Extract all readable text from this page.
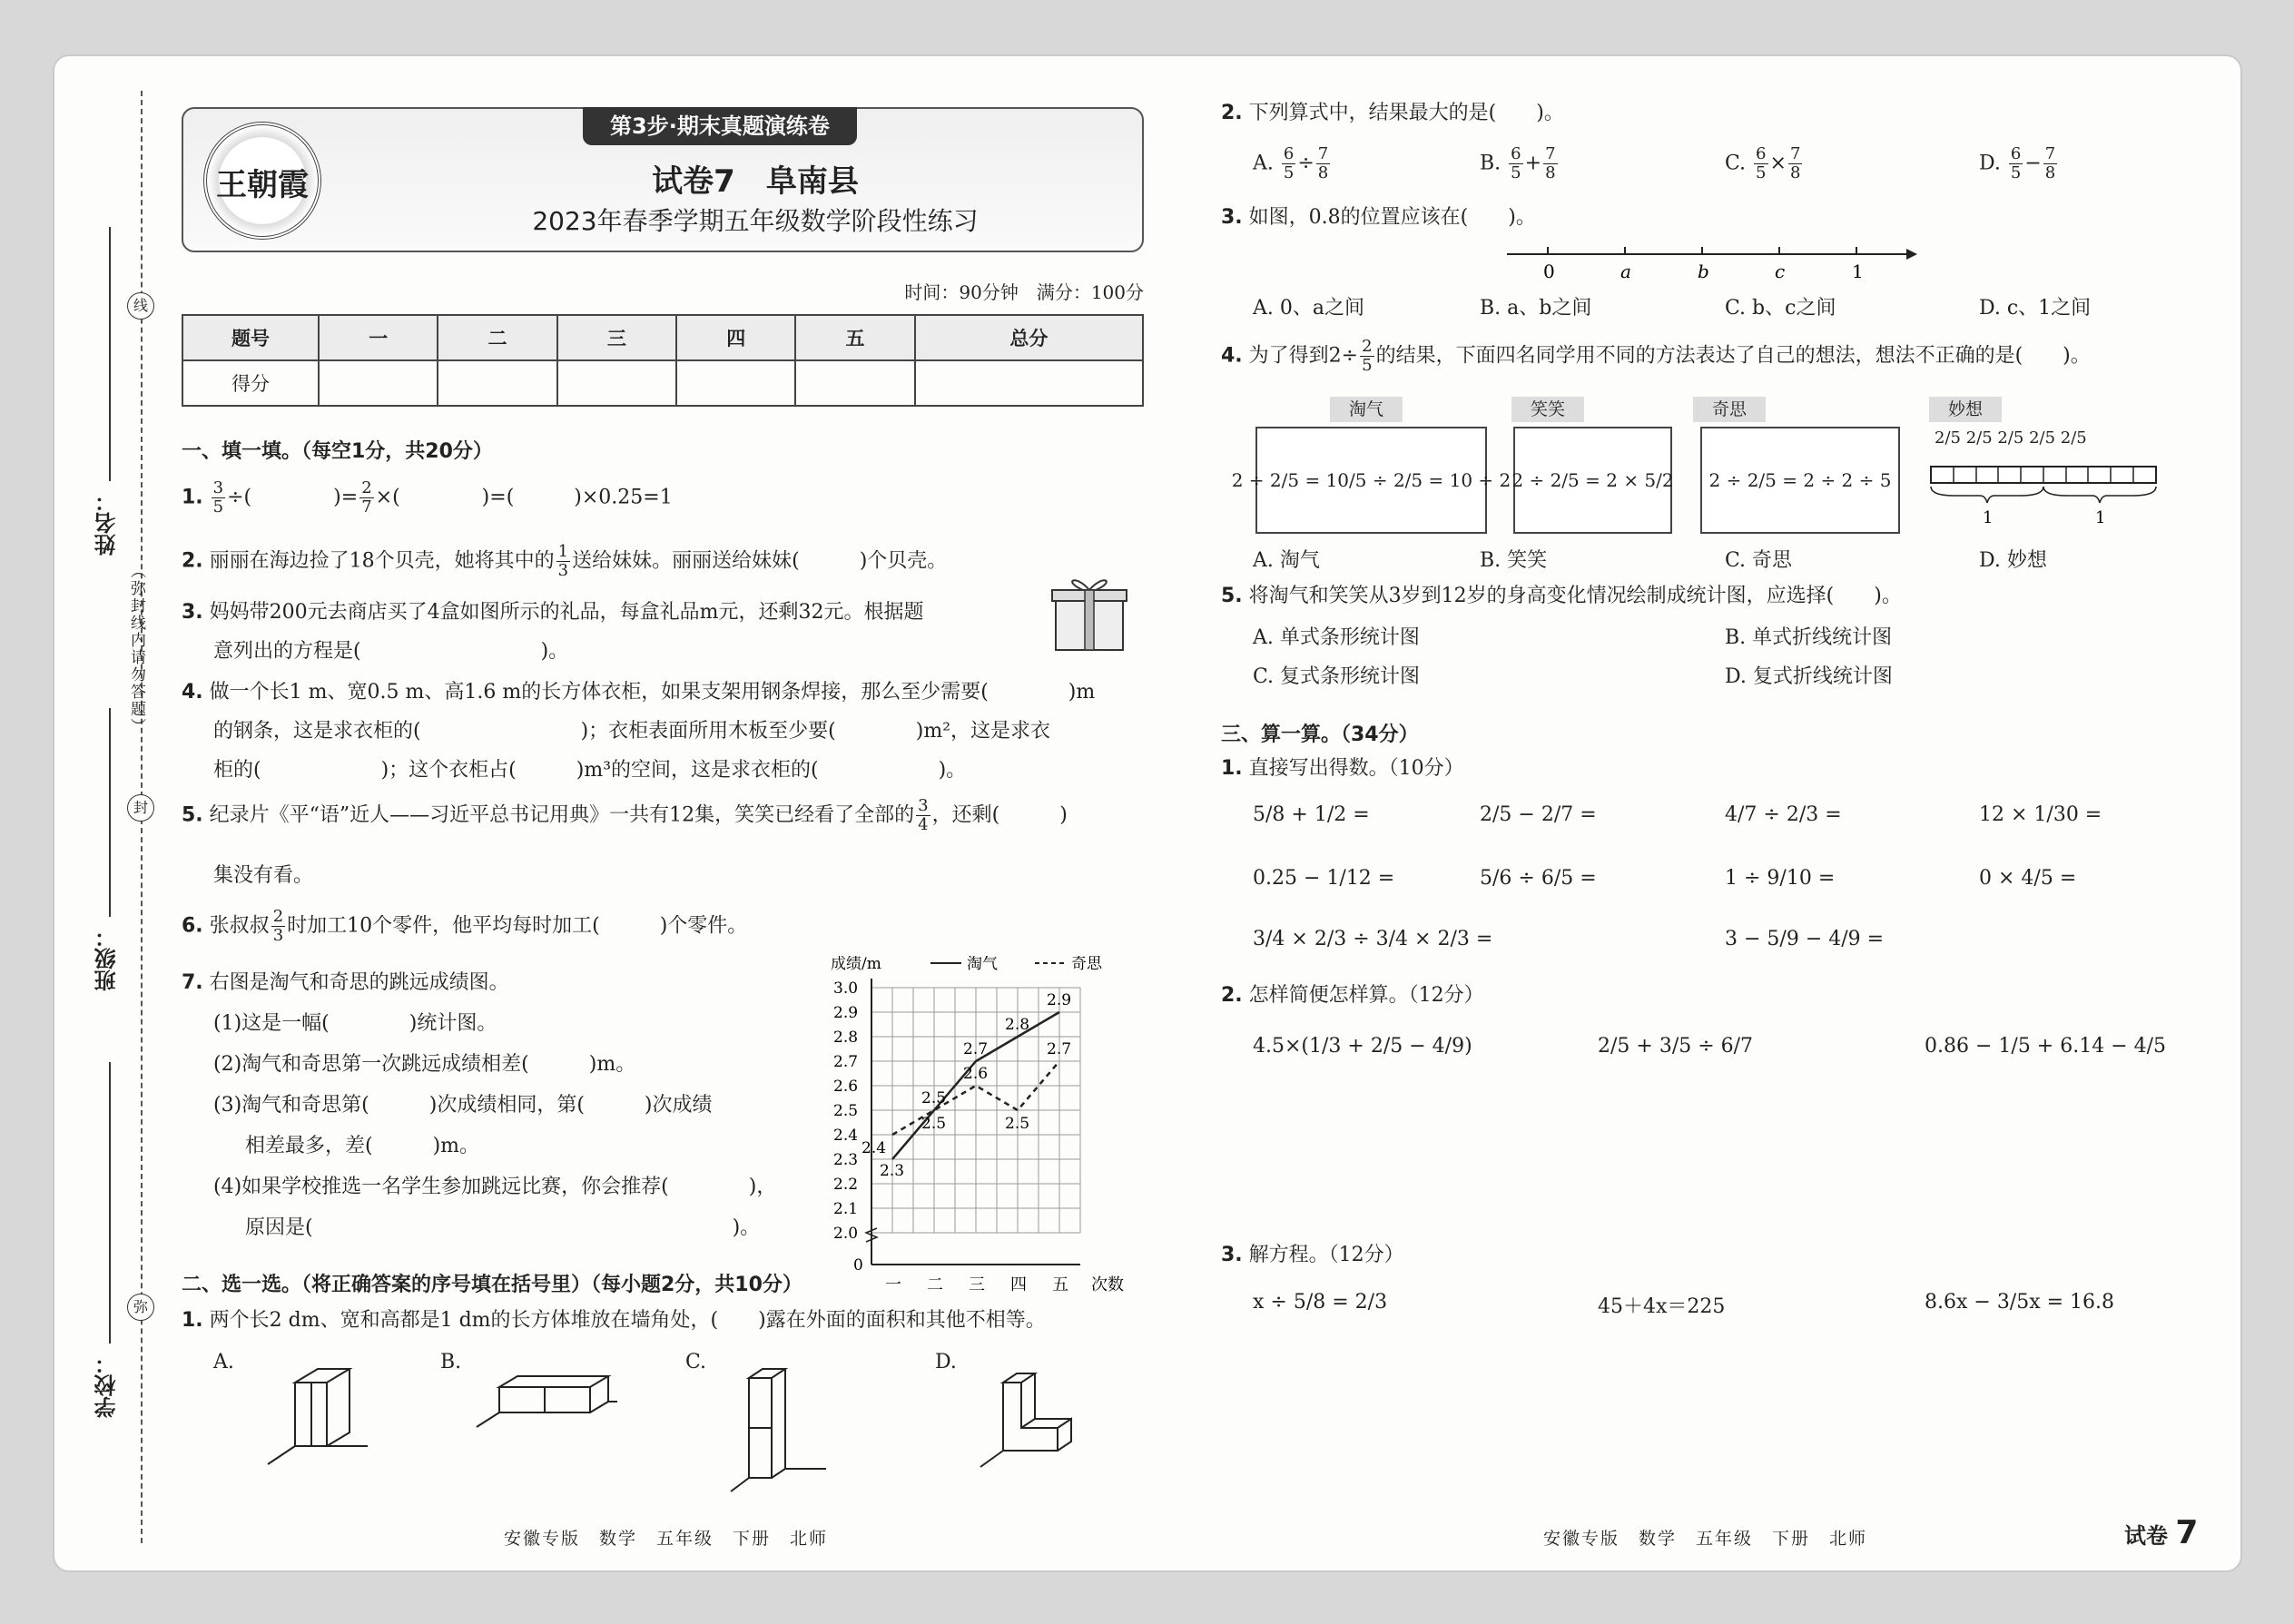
线
（弥封线内请勿答题）
封
弥
姓名：
班级：
学校：
第3步·期末真题演练卷
王朝霞	试卷7　阜南县
2023年春季学期五年级数学阶段性练习
时间：90分钟　满分：100分
题号	一	二	三	四	五	总分
得分						
一、填一填。（每空1分，共20分）
1. $\frac{3}{5}$ ÷(	)= $\frac{2}{7}$ ×(	)=(　　　)×0.25=1
2. 丽丽在海边捡了18个贝壳，她将其中的 $\frac{1}{3}$ 送给妹妹。丽丽送给妹妹(　　　)个贝壳。
3. 妈妈带200元去商店买了4盒如图所示的礼品，每盒礼品m元，还剩32元。根据题
意列出的方程是(　　　　　　　　　)。
4. 做一个长1 m、宽0.5 m、高1.6 m的长方体衣柜，如果支架用钢条焊接，那么至少需要(　　　　)m
的钢条，这是求衣柜的(　　　　　　　　)；衣柜表面所用木板至少要(　　　　)m²，这是求衣
柜的(　　　　　　)；这个衣柜占(　　　)m³的空间，这是求衣柜的(　　　　　　)。
5. 纪录片《平“语”近人——习近平总书记用典》一共有12集，笑笑已经看了全部的 $\frac{3}{4}$ ，还剩(　　　)
集没有看。
6. 张叔叔 $\frac{2}{3}$ 时加工10个零件，他平均每时加工(　　　)个零件。
7. 右图是淘气和奇思的跳远成绩图。
(1)这是一幅(　　　　)统计图。
(2)淘气和奇思第一次跳远成绩相差(　　　)m。
(3)淘气和奇思第(　　　)次成绩相同，第(　　　)次成绩
相差最多，差(　　　)m。
(4)如果学校推选一名学生参加跳远比赛，你会推荐(　　　　)，
原因是(　　　　　　　　　　　　　　　　　　　　　)。	2.0
2.1
2.2
2.3
2.4
2.5
2.6
2.7
2.8
2.9
3.0
0
成绩/m
一 二 三 四 五 次数
淘气	奇思
2.3
2.5
2.7
2.8
2.9
2.4
2.5
2.6
2.5
2.7
二、选一选。（将正确答案的序号填在括号里）（每小题2分，共10分）
1. 两个长2 dm、宽和高都是1 dm的长方体堆放在墙角处，(　　)露在外面的面积和其他不相等。
A.	B.	C.	D.
2. 下列算式中，结果最大的是(　　)。
A. $\frac{6}{5} \div \frac{7}{8}$	B. $\frac{6}{5} + \frac{7}{8}$	C. $\frac{6}{5} \times \frac{7}{8}$	D. $\frac{6}{5} - \frac{7}{8}$
3. 如图，0.8的位置应该在(　　)。
0	a	b	c	1
A. 0、a之间	B. a、b之间	C. b、c之间	D. c、1之间
4. 为了得到$2\div \frac{2}{5}$ 的结果，下面四名同学用不同的方法表达了自己的想法，想法不正确的是(　　)。
淘气	笑笑	奇思	妙想
2 ÷ 2/5 = 10/5 ÷ 2/5 = 10 ÷ 2 2 ÷ 2/5 = 2 × 5/2	2 ÷ 2/5 = 2 ÷ 2 ÷ 5
2/5 2/5 2/5 2/5 2/5
1	1
A. 淘气	B. 笑笑	C. 奇思	D. 妙想
5. 将淘气和笑笑从3岁到12岁的身高变化情况绘制成统计图，应选择(　　)。
A. 单式条形统计图	B. 单式折线统计图
C. 复式条形统计图	D. 复式折线统计图
三、算一算。（34分）
1. 直接写出得数。（10分）
5/8 + 1/2 =	2/5 − 2/7 =	4/7 ÷ 2/3 =	12 × 1/30 =
0.25 − 1/12 =	5/6 ÷ 6/5 =	1 ÷ 9/10 =	0 × 4/5 =
3/4 × 2/3 ÷ 3/4 × 2/3 =	3 − 5/9 − 4/9 =
2. 怎样简便怎样算。（12分）
4.5×(1/3 + 2/5 − 4/9)	2/5 + 3/5 ÷ 6/7	0.86 − 1/5 + 6.14 − 4/5
3. 解方程。（12分）
x ÷ 5/8 = 2/3	45＋4x＝225	8.6x − 3/5x = 16.8
安徽专版　数学　五年级　下册　北师	安徽专版　数学　五年级　下册　北师	试卷 7
